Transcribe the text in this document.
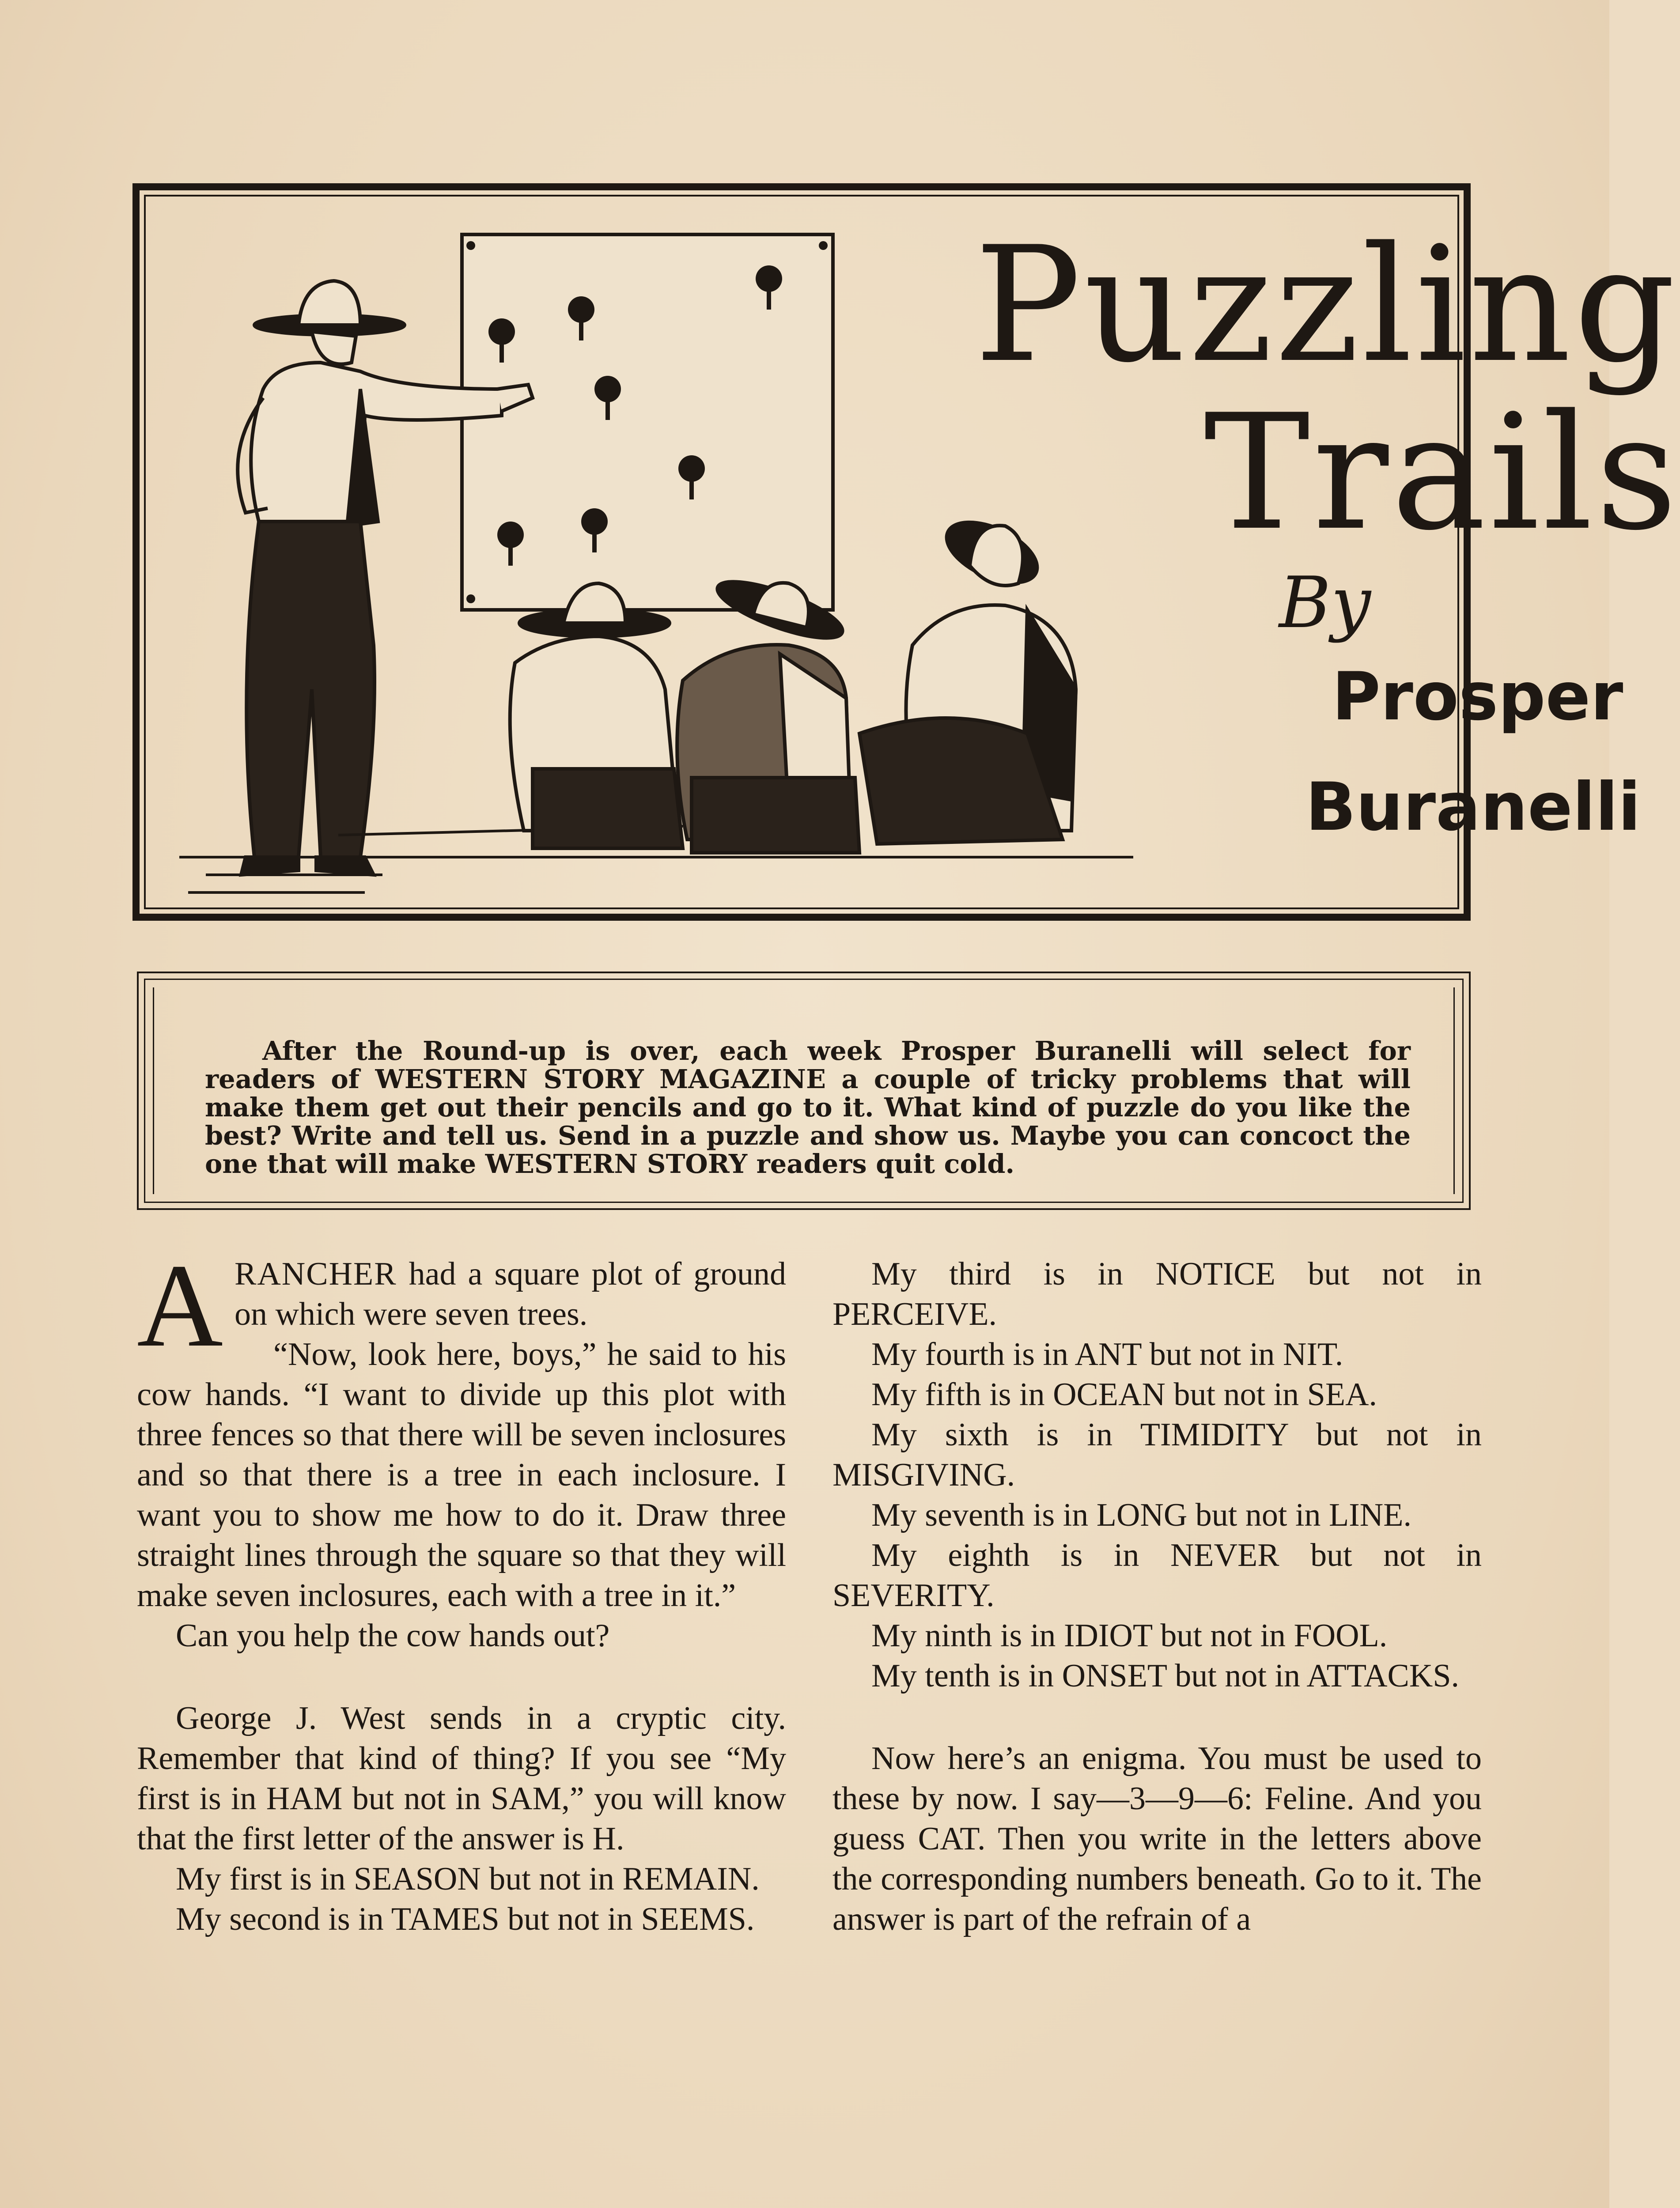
Puzzling
Trails
By
Prosper
Buranelli

After the Round-up is over, each week Prosper Buranelli will select for readers of WESTERN STORY MAGAZINE a couple of tricky problems that will make them get out their pencils and go to it. What kind of puzzle do you like the best? Write and tell us. Send in a puzzle and show us. Maybe you can concoct the one that will make WESTERN STORY readers quit cold.

A RANCHER had a square plot of ground on which were seven trees.

“Now, look here, boys,” he said to his cow hands. “I want to divide up this plot with three fences so that there will be seven inclosures and so that there is a tree in each inclosure. I want you to show me how to do it. Draw three straight lines through the square so that they will make seven inclosures, each with a tree in it.”

Can you help the cow hands out?

George J. West sends in a cryptic city. Remember that kind of thing? If you see “My first is in HAM but not in SAM,” you will know that the first letter of the answer is H.

My first is in SEASON but not in REMAIN.

My second is in TAMES but not in SEEMS.

My third is in NOTICE but not in PERCEIVE.

My fourth is in ANT but not in NIT.

My fifth is in OCEAN but not in SEA.

My sixth is in TIMIDITY but not in MISGIVING.

My seventh is in LONG but not in LINE.

My eighth is in NEVER but not in SEVERITY.

My ninth is in IDIOT but not in FOOL.

My tenth is in ONSET but not in ATTACKS.

Now here’s an enigma. You must be used to these by now. I say—3—9—6: Feline. And you guess CAT. Then you write in the letters above the corresponding numbers beneath. Go to it. The answer is part of the refrain of a
